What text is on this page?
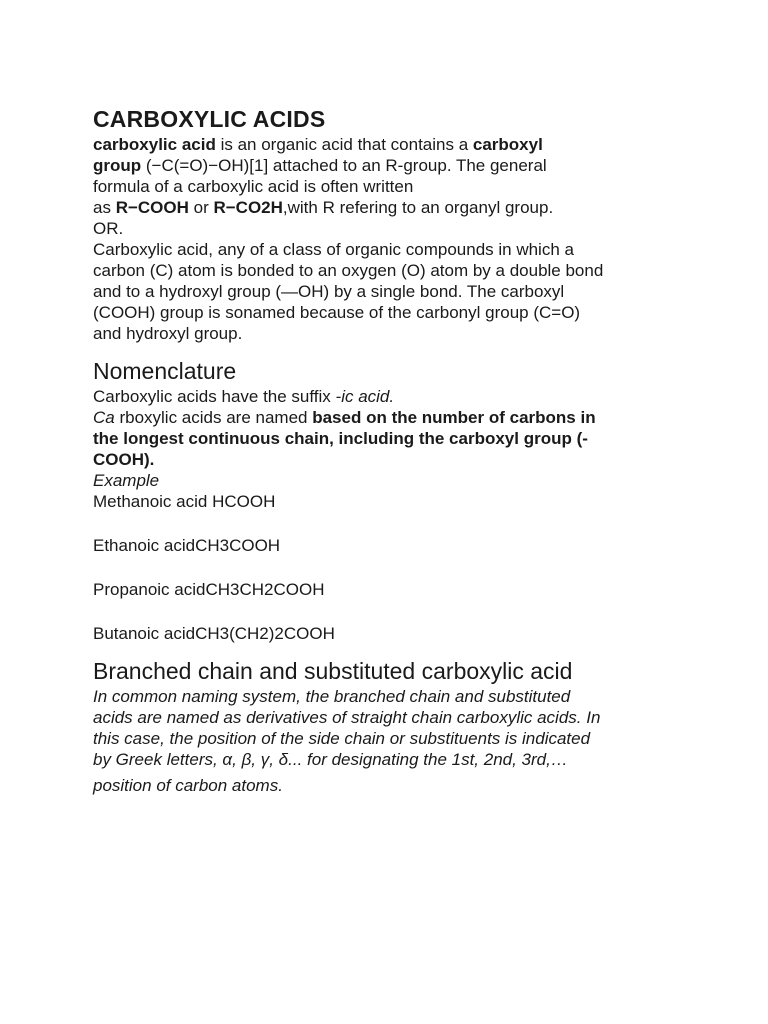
CARBOXYLIC ACIDS

carboxylic acid is an organic acid that contains a carboxyl

group (−C(=O)−OH)[1] attached to an R-group. The general

formula of a carboxylic acid is often written

as R−COOH or R−CO2H,with R refering to an organyl group.

OR.

Carboxylic acid, any of a class of organic compounds in which a

carbon (C) atom is bonded to an oxygen (O) atom by a double bond

and to a hydroxyl group (—OH) by a single bond. The carboxyl

(COOH) group is sonamed because of the carbonyl group (C=O)

and hydroxyl group.

Nomenclature

Carboxylic acids have the suffix -ic acid.

Ca rboxylic acids are named based on the number of carbons in

the longest continuous chain, including the carboxyl group (-

COOH).

Example

Methanoic acid HCOOH

Ethanoic acidCH3COOH

Propanoic acidCH3CH2COOH

Butanoic acidCH3(CH2)2COOH

Branched chain and substituted carboxylic acid

In common naming system, the branched chain and substituted

acids are named as derivatives of straight chain carboxylic acids. In

this case, the position of the side chain or substituents is indicated

by Greek letters, α, β, γ, δ... for designating the 1st, 2nd, 3rd,…

position of carbon atoms.
